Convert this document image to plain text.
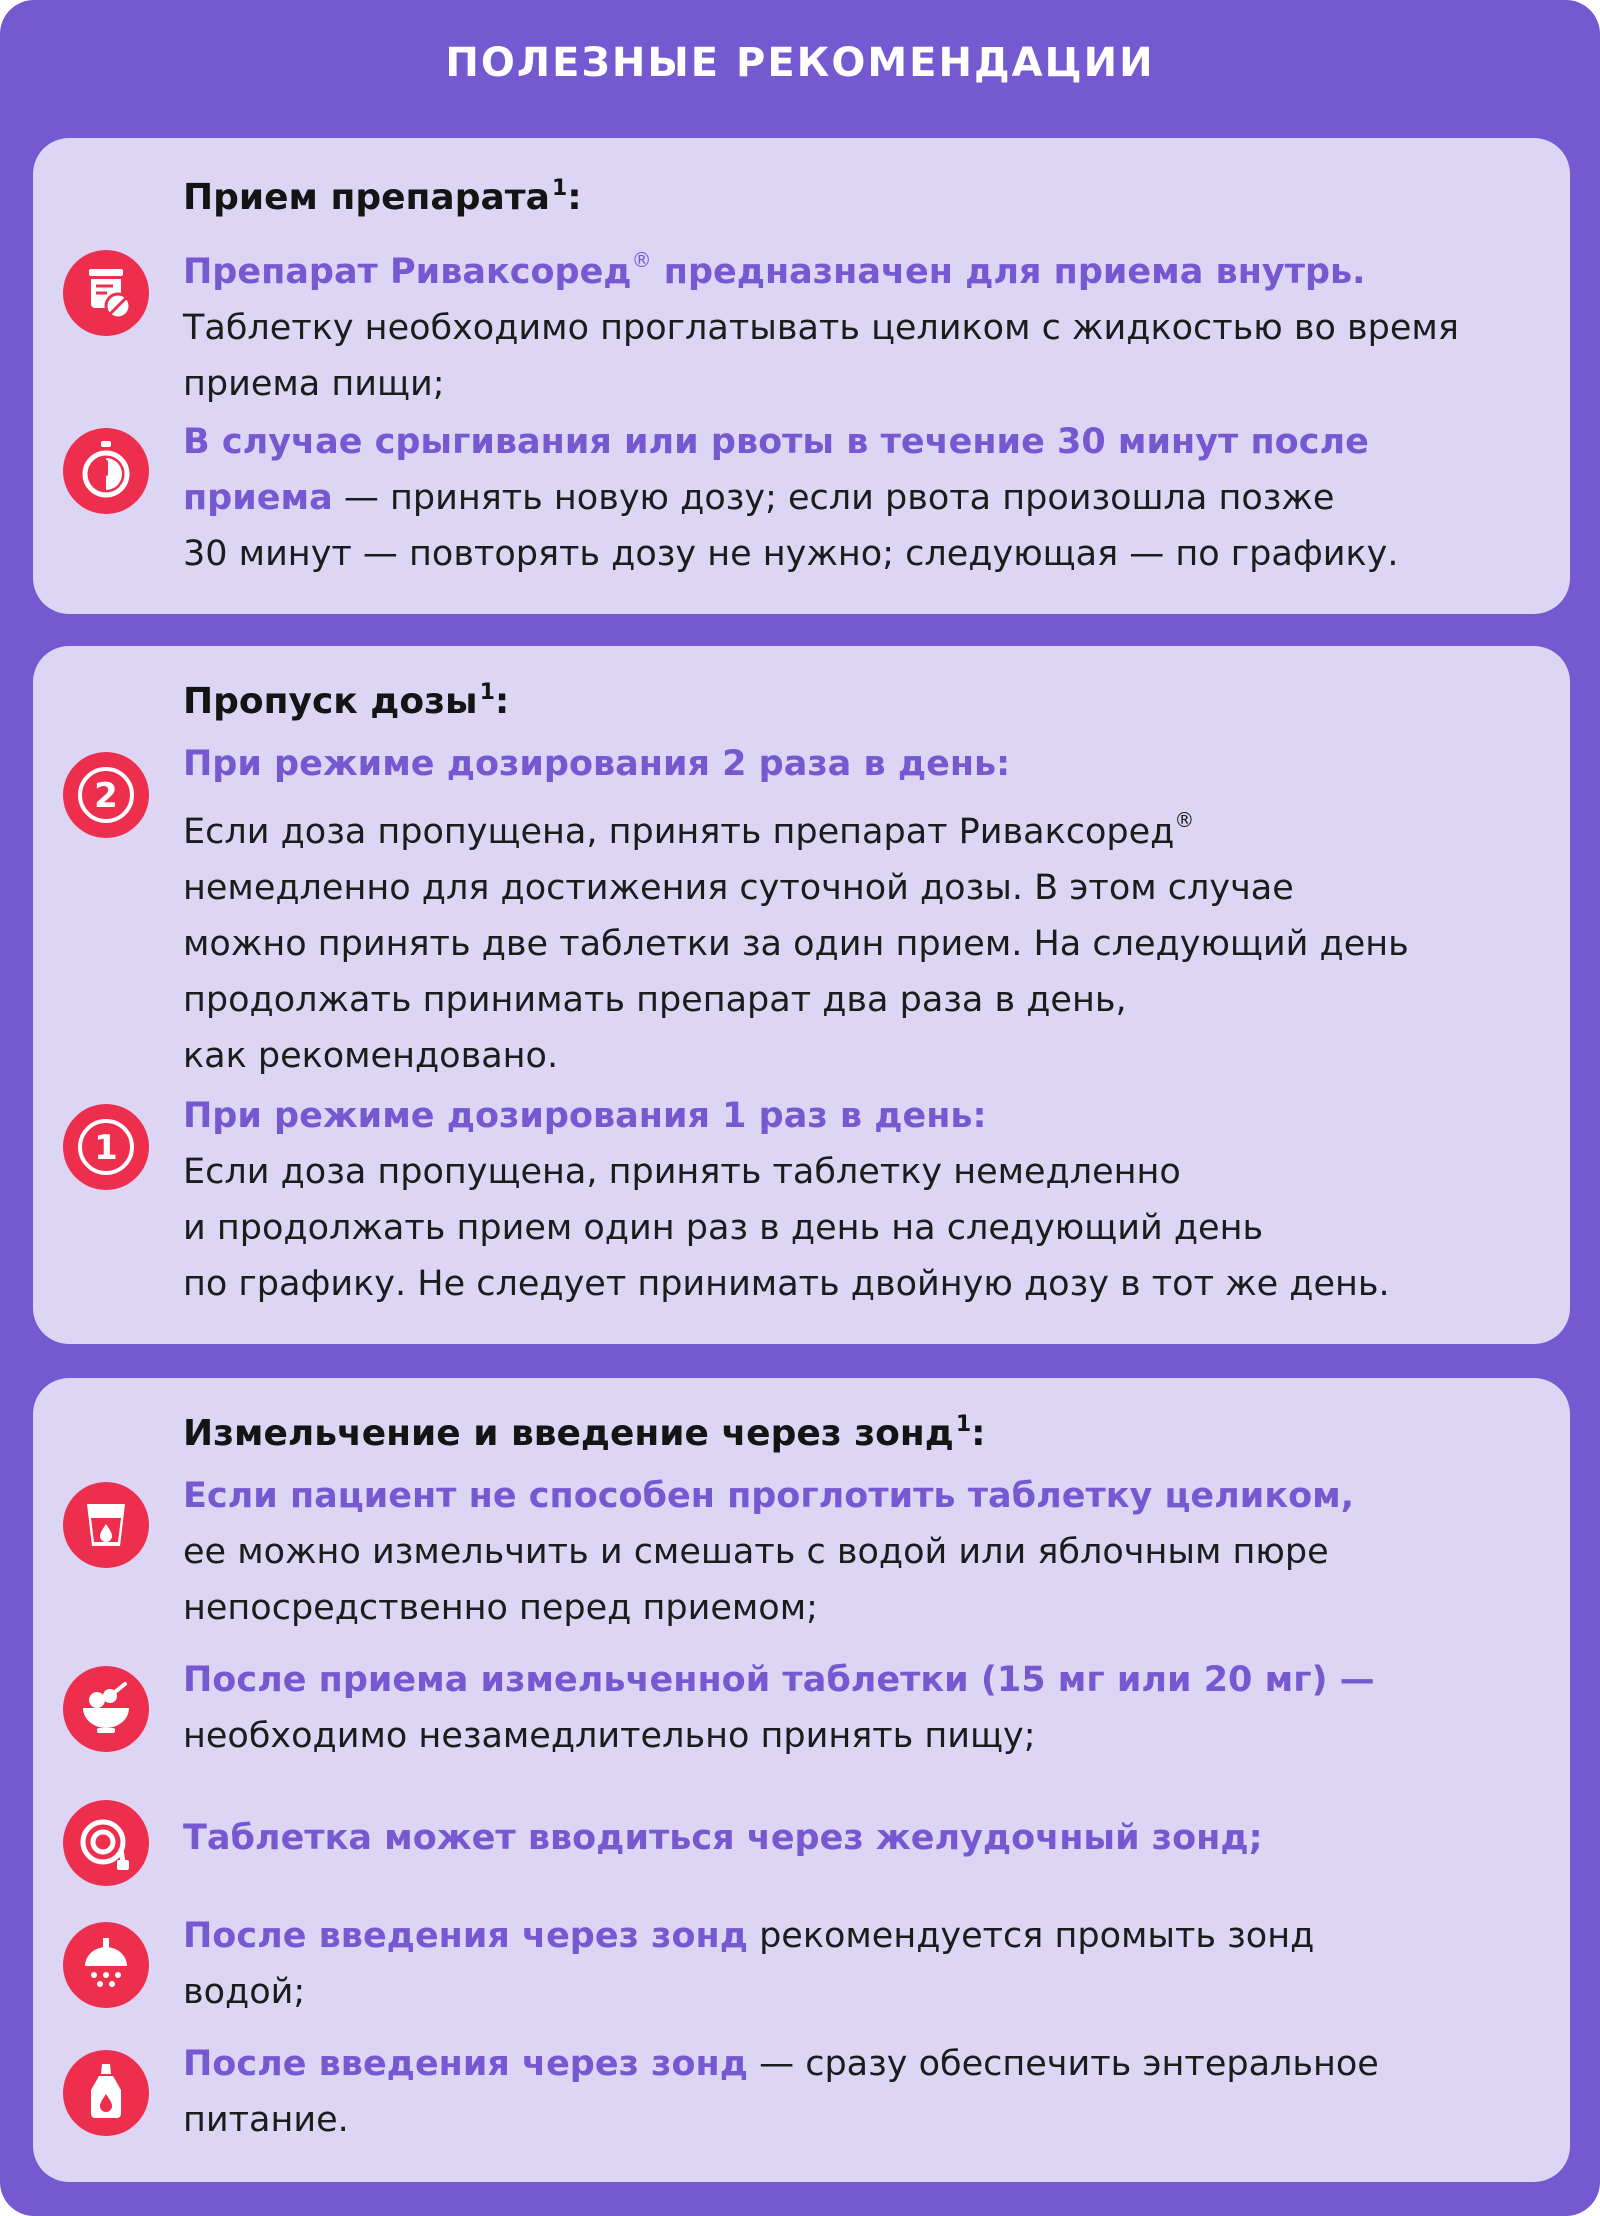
ПОЛЕЗНЫЕ РЕКОМЕНДАЦИИ
Прием препарата$^1$:
Препарат Риваксоред® предназначен для приема внутрь.
Таблетку необходимо проглатывать целиком с жидкостью во время
приема пищи;
В случае срыгивания или рвоты в течение 30 минут после
приема — принять новую дозу; если рвота произошла позже
30 минут — повторять дозу не нужно; следующая — по графику.
Пропуск дозы$^1$:
2
При режиме дозирования 2 раза в день:
Если доза пропущена, принять препарат Риваксоред®
немедленно для достижения суточной дозы. В этом случае
можно принять две таблетки за один прием. На следующий день
продолжать принимать препарат два раза в день,
как рекомендовано.
1
При режиме дозирования 1 раз в день:
Если доза пропущена, принять таблетку немедленно
и продолжать прием один раз в день на следующий день
по графику. Не следует принимать двойную дозу в тот же день.
Измельчение и введение через зонд$^1$:
Если пациент не способен проглотить таблетку целиком,
ее можно измельчить и смешать с водой или яблочным пюре
непосредственно перед приемом;
После приема измельченной таблетки (15 мг или 20 мг) —
необходимо незамедлительно принять пищу;
Таблетка может вводиться через желудочный зонд;
После введения через зонд рекомендуется промыть зонд
водой;
После введения через зонд — сразу обеспечить энтеральное
питание.
